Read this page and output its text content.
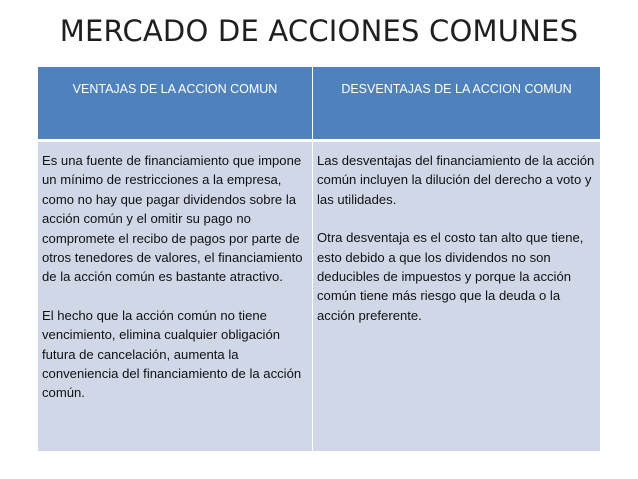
MERCADO DE ACCIONES COMUNES
VENTAJAS DE LA ACCION COMUN	DESVENTAJAS DE LA ACCION COMUN

Es una fuente de financiamiento que impone un mínimo de restricciones a la empresa, como no hay que pagar dividendos sobre la acción común y el omitir su pago no compromete el recibo de pagos por parte de otros tenedores de valores, el financiamiento de la acción común es bastante atractivo.

El hecho que la acción común no tiene vencimiento, elimina cualquier obligación futura de cancelación, aumenta la conveniencia del financiamiento de la acción común.

Las desventajas del financiamiento de la acción común incluyen la dilución del derecho a voto y las utilidades.

Otra desventaja es el costo tan alto que tiene, esto debido a que los dividendos no son deducibles de impuestos y porque la acción común tiene más riesgo que la deuda o la acción preferente.
